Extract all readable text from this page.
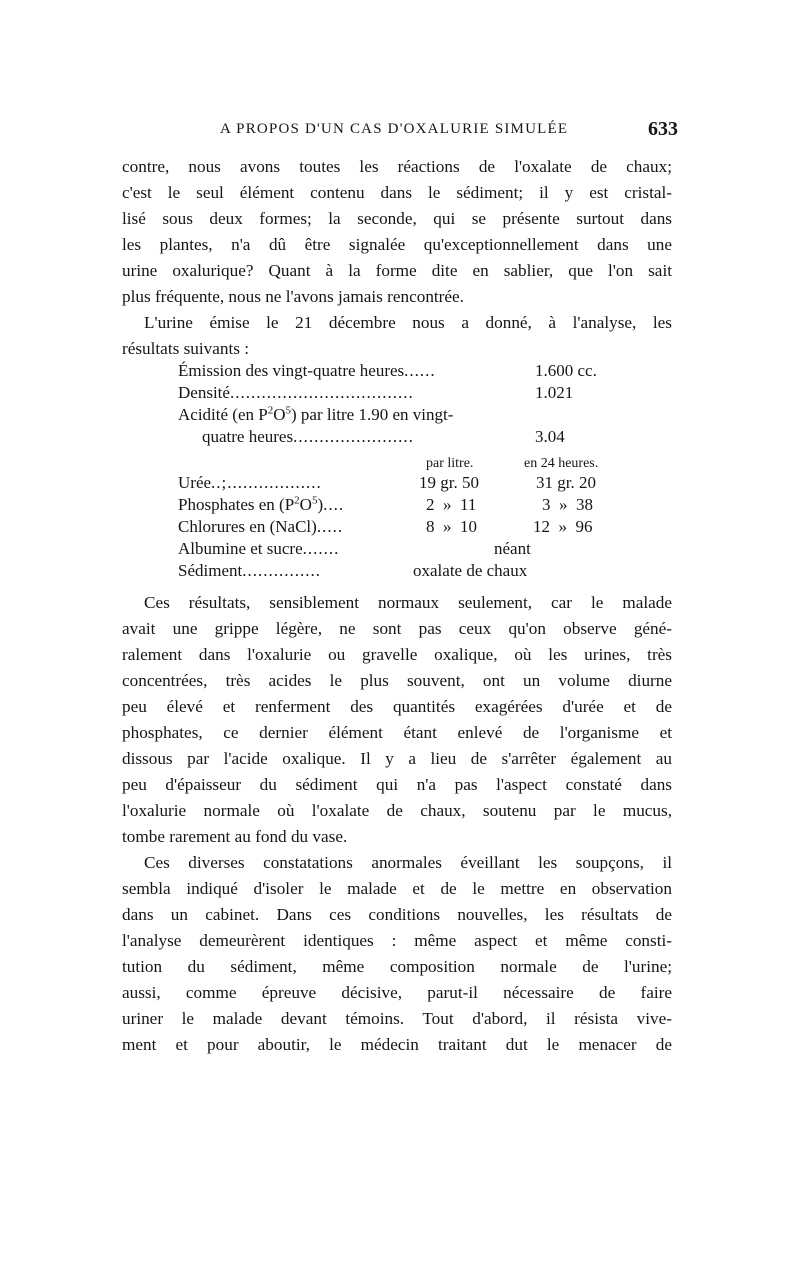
A PROPOS D'UN CAS D'OXALURIE SIMULÉE	633
contre, nous avons toutes les réactions de l'oxalate de chaux;
c'est le seul élément contenu dans le sédiment; il y est cristal-
lisé sous deux formes; la seconde, qui se présente surtout dans
les plantes, n'a dû être signalée qu'exceptionnellement dans une
urine oxalurique? Quant à la forme dite en sablier, que l'on sait
plus fréquente, nous ne l'avons jamais rencontrée.
L'urine émise le 21 décembre nous a donné, à l'analyse, les
résultats suivants :
Émission des vingt-quatre heures......	1.600 cc.
Densité...................................	1.021
Acidité (en $P^2O^5$) par litre 1.90 en vingt-
quatre heures.......................	3.04
par litre.	en 24 heures.
Urée..;..................	19 gr. 50	31 gr. 20
Phosphates en $(P^2O^5)$....	2  »  11	3  »  38
Chlorures en (NaCl).....	8  »  10	12  »  96
Albumine et sucre.......	néant
Sédiment...............	oxalate de chaux
Ces résultats, sensiblement normaux seulement, car le malade
avait une grippe légère, ne sont pas ceux qu'on observe géné-
ralement dans l'oxalurie ou gravelle oxalique, où les urines, très
concentrées, très acides le plus souvent, ont un volume diurne
peu élevé et renferment des quantités exagérées d'urée et de
phosphates, ce dernier élément étant enlevé de l'organisme et
dissous par l'acide oxalique. Il y a lieu de s'arrêter également au
peu d'épaisseur du sédiment qui n'a pas l'aspect constaté dans
l'oxalurie normale où l'oxalate de chaux, soutenu par le mucus,
tombe rarement au fond du vase.
Ces diverses constatations anormales éveillant les soupçons, il
sembla indiqué d'isoler le malade et de le mettre en observation
dans un cabinet. Dans ces conditions nouvelles, les résultats de
l'analyse demeurèrent identiques : même aspect et même consti-
tution du sédiment, même composition normale de l'urine;
aussi, comme épreuve décisive, parut-il nécessaire de faire
uriner le malade devant témoins. Tout d'abord, il résista vive-
ment et pour aboutir, le médecin traitant dut le menacer de
